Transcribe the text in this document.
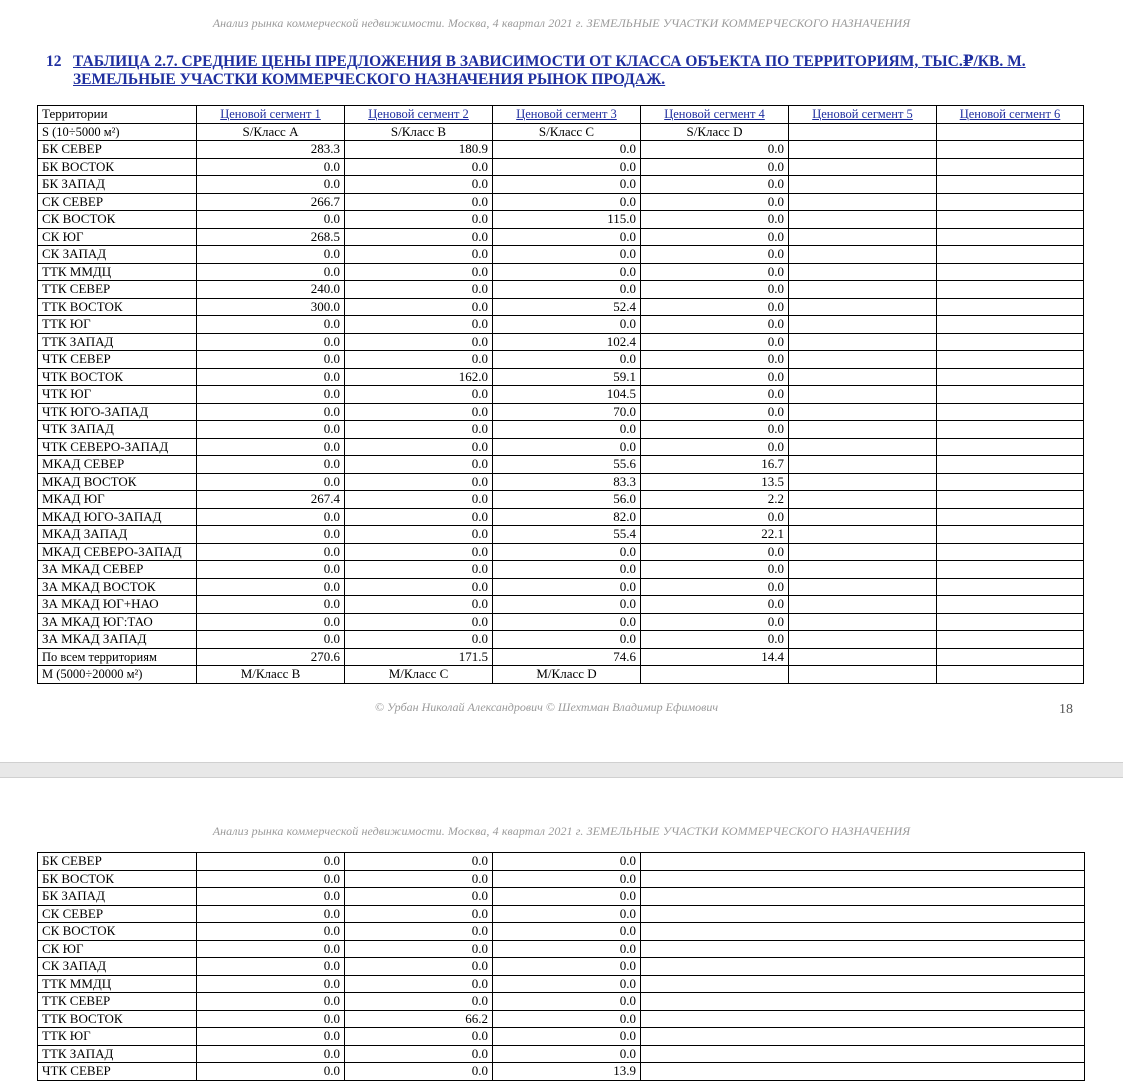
Анализ рынка коммерческой недвижимости. Москва, 4 квартал 2021 г. ЗЕМЕЛЬНЫЕ УЧАСТКИ КОММЕРЧЕСКОГО НАЗНАЧЕНИЯ
12 ТАБЛИЦА 2.7. СРЕДНИЕ ЦЕНЫ ПРЕДЛОЖЕНИЯ В ЗАВИСИМОСТИ ОТ КЛАССА ОБЪЕКТА ПО ТЕРРИТОРИЯМ, ТЫС.₽/КВ. М. ЗЕМЕЛЬНЫЕ УЧАСТКИ КОММЕРЧЕСКОГО НАЗНАЧЕНИЯ РЫНОК ПРОДАЖ.
Территории	Ценовой сегмент 1	Ценовой сегмент 2	Ценовой сегмент 3	Ценовой сегмент 4	Ценовой сегмент 5	Ценовой сегмент 6
S (10÷5000 м²)	S/Класс A	S/Класс B	S/Класс C	S/Класс D		
БК СЕВЕР	283.3	180.9	0.0	0.0		
БК ВОСТОК	0.0	0.0	0.0	0.0		
БК ЗАПАД	0.0	0.0	0.0	0.0		
СК СЕВЕР	266.7	0.0	0.0	0.0		
СК ВОСТОК	0.0	0.0	115.0	0.0		
СК ЮГ	268.5	0.0	0.0	0.0		
СК ЗАПАД	0.0	0.0	0.0	0.0		
ТТК ММДЦ	0.0	0.0	0.0	0.0		
ТТК СЕВЕР	240.0	0.0	0.0	0.0		
ТТК ВОСТОК	300.0	0.0	52.4	0.0		
ТТК ЮГ	0.0	0.0	0.0	0.0		
ТТК ЗАПАД	0.0	0.0	102.4	0.0		
ЧТК СЕВЕР	0.0	0.0	0.0	0.0		
ЧТК ВОСТОК	0.0	162.0	59.1	0.0		
ЧТК ЮГ	0.0	0.0	104.5	0.0		
ЧТК ЮГО-ЗАПАД	0.0	0.0	70.0	0.0		
ЧТК ЗАПАД	0.0	0.0	0.0	0.0		
ЧТК СЕВЕРО-ЗАПАД	0.0	0.0	0.0	0.0		
МКАД СЕВЕР	0.0	0.0	55.6	16.7		
МКАД ВОСТОК	0.0	0.0	83.3	13.5		
МКАД ЮГ	267.4	0.0	56.0	2.2		
МКАД ЮГО-ЗАПАД	0.0	0.0	82.0	0.0		
МКАД ЗАПАД	0.0	0.0	55.4	22.1		
МКАД СЕВЕРО-ЗАПАД	0.0	0.0	0.0	0.0		
ЗА МКАД СЕВЕР	0.0	0.0	0.0	0.0		
ЗА МКАД ВОСТОК	0.0	0.0	0.0	0.0		
ЗА МКАД ЮГ+НАО	0.0	0.0	0.0	0.0		
ЗА МКАД ЮГ:ТАО	0.0	0.0	0.0	0.0		
ЗА МКАД ЗАПАД	0.0	0.0	0.0	0.0		
По всем территориям	270.6	171.5	74.6	14.4		
М (5000÷20000 м²)	М/Класс B	М/Класс C	М/Класс D			
© Урбан Николай Александрович © Шехтман Владимир Ефимович	18
Анализ рынка коммерческой недвижимости. Москва, 4 квартал 2021 г. ЗЕМЕЛЬНЫЕ УЧАСТКИ КОММЕРЧЕСКОГО НАЗНАЧЕНИЯ
БК СЕВЕР	0.0	0.0	0.0	
БК ВОСТОК	0.0	0.0	0.0	
БК ЗАПАД	0.0	0.0	0.0	
СК СЕВЕР	0.0	0.0	0.0	
СК ВОСТОК	0.0	0.0	0.0	
СК ЮГ	0.0	0.0	0.0	
СК ЗАПАД	0.0	0.0	0.0	
ТТК ММДЦ	0.0	0.0	0.0	
ТТК СЕВЕР	0.0	0.0	0.0	
ТТК ВОСТОК	0.0	66.2	0.0	
ТТК ЮГ	0.0	0.0	0.0	
ТТК ЗАПАД	0.0	0.0	0.0	
ЧТК СЕВЕР	0.0	0.0	13.9	
